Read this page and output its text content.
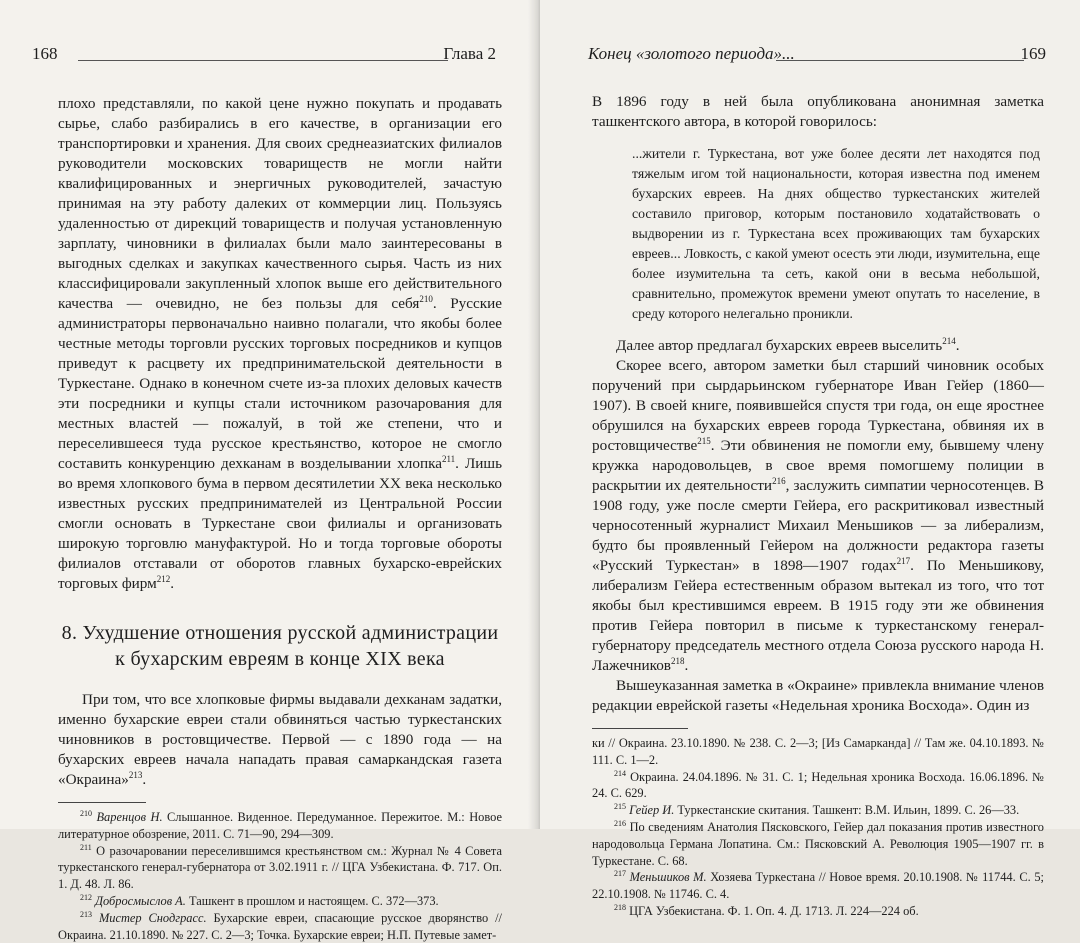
168	Глава 2

плохо представляли, по какой цене нужно покупать и продавать сырье, слабо разбирались в его качестве, в организации его транспортировки и хранения. Для своих среднеазиатских филиалов руководители московских товариществ не могли найти квалифицированных и энергичных руководителей, зачастую принимая на эту работу далеких от коммерции лиц. Пользуясь удаленностью от дирекций товариществ и получая установленную зарплату, чиновники в филиалах были мало заинтересованы в выгодных сделках и закупках качественного сырья. Часть из них классифицировали закупленный хлопок выше его действительного качества — очевидно, не без пользы для себя$^{210}$. Русские администраторы первоначально наивно полагали, что якобы более честные методы торговли русских торговых посредников и купцов приведут к расцвету их предпринимательской деятельности в Туркестане. Однако в конечном счете из-за плохих деловых качеств эти посредники и купцы стали источником разочарования для местных властей — пожалуй, в той же степени, что и переселившееся туда русское крестьянство, которое не смогло составить конкуренцию дехканам в возделывании хлопка$^{211}$. Лишь во время хлопкового бума в первом десятилетии XX века несколько известных русских предпринимателей из Центральной России смогли основать в Туркестане свои филиалы и организовать широкую торговлю мануфактурой. Но и тогда торговые обороты филиалов отставали от оборотов главных бухарско-еврейских торговых фирм$^{212}$.

8. Ухудшение отношения русской администрации
к бухарским евреям в конце XIX века

При том, что все хлопковые фирмы выдавали дехканам задатки, именно бухарские евреи стали обвиняться частью туркестанских чиновников в ростовщичестве. Первой — с 1890 года — на бухарских евреев начала нападать правая самаркандская газета «Окраина»$^{213}$.

$^{210}$ Варенцов Н. Слышанное. Виденное. Передуманное. Пережитое. М.: Новое литературное обозрение, 2011. С. 71—90, 294—309.

$^{211}$ О разочаровании переселившимся крестьянством см.: Журнал № 4 Совета туркестанского генерал-губернатора от 3.02.1911 г. // ЦГА Узбекистана. Ф. 717. Оп. 1. Д. 48. Л. 86.

$^{212}$ Добросмыслов А. Ташкент в прошлом и настоящем. С. 372—373.

$^{213}$ Мистер Снодграсс. Бухарские евреи, спасающие русское дворянство // Окраина. 21.10.1890. № 227. С. 2—3; Точка. Бухарские евреи; Н.П. Путевые замет-

Конец «золотого периода»...	169

В 1896 году в ней была опубликована анонимная заметка ташкентского автора, в которой говорилось:

...жители г. Туркестана, вот уже более десяти лет находятся под тяжелым игом той национальности, которая известна под именем бухарских евреев. На днях общество туркестанских жителей составило приговор, которым постановило ходатайствовать о выдворении из г. Туркестана всех проживающих там бухарских евреев... Ловкость, с какой умеют осесть эти люди, изумительна, еще более изумительна та сеть, какой они в весьма небольшой, сравнительно, промежуток времени умеют опутать то население, в среду которого нелегально проникли.

Далее автор предлагал бухарских евреев выселить$^{214}$.

Скорее всего, автором заметки был старший чиновник особых поручений при сырдарьинском губернаторе Иван Гейер (1860—1907). В своей книге, появившейся спустя три года, он еще яростнее обрушился на бухарских евреев города Туркестана, обвиняя их в ростовщичестве$^{215}$. Эти обвинения не помогли ему, бывшему члену кружка народовольцев, в свое время помогшему полиции в раскрытии их деятельности$^{216}$, заслужить симпатии черносотенцев. В 1908 году, уже после смерти Гейера, его раскритиковал известный черносотенный журналист Михаил Меньшиков — за либерализм, будто бы проявленный Гейером на должности редактора газеты «Русский Туркестан» в 1898—1907 годах$^{217}$. По Меньшикову, либерализм Гейера естественным образом вытекал из того, что тот якобы был крестившимся евреем. В 1915 году эти же обвинения против Гейера повторил в письме к туркестанскому генерал-губернатору председатель местного отдела Союза русского народа Н. Лажечников$^{218}$.

Вышеуказанная заметка в «Окраине» привлекла внимание членов редакции еврейской газеты «Недельная хроника Восхода». Один из

ки // Окраина. 23.10.1890. № 238. С. 2—3; [Из Самарканда] // Там же. 04.10.1893. № 111. С. 1—2.

$^{214}$ Окраина. 24.04.1896. № 31. С. 1; Недельная хроника Восхода. 16.06.1896. № 24. С. 629.

$^{215}$ Гейер И. Туркестанские скитания. Ташкент: В.М. Ильин, 1899. С. 26—33.

$^{216}$ По сведениям Анатолия Пясковского, Гейер дал показания против известного народовольца Германа Лопатина. См.: Пясковский А. Революция 1905—1907 гг. в Туркестане. С. 68.

$^{217}$ Меньшиков М. Хозяева Туркестана // Новое время. 20.10.1908. № 11744. С. 5; 22.10.1908. № 11746. С. 4.

$^{218}$ ЦГА Узбекистана. Ф. 1. Оп. 4. Д. 1713. Л. 224—224 об.
